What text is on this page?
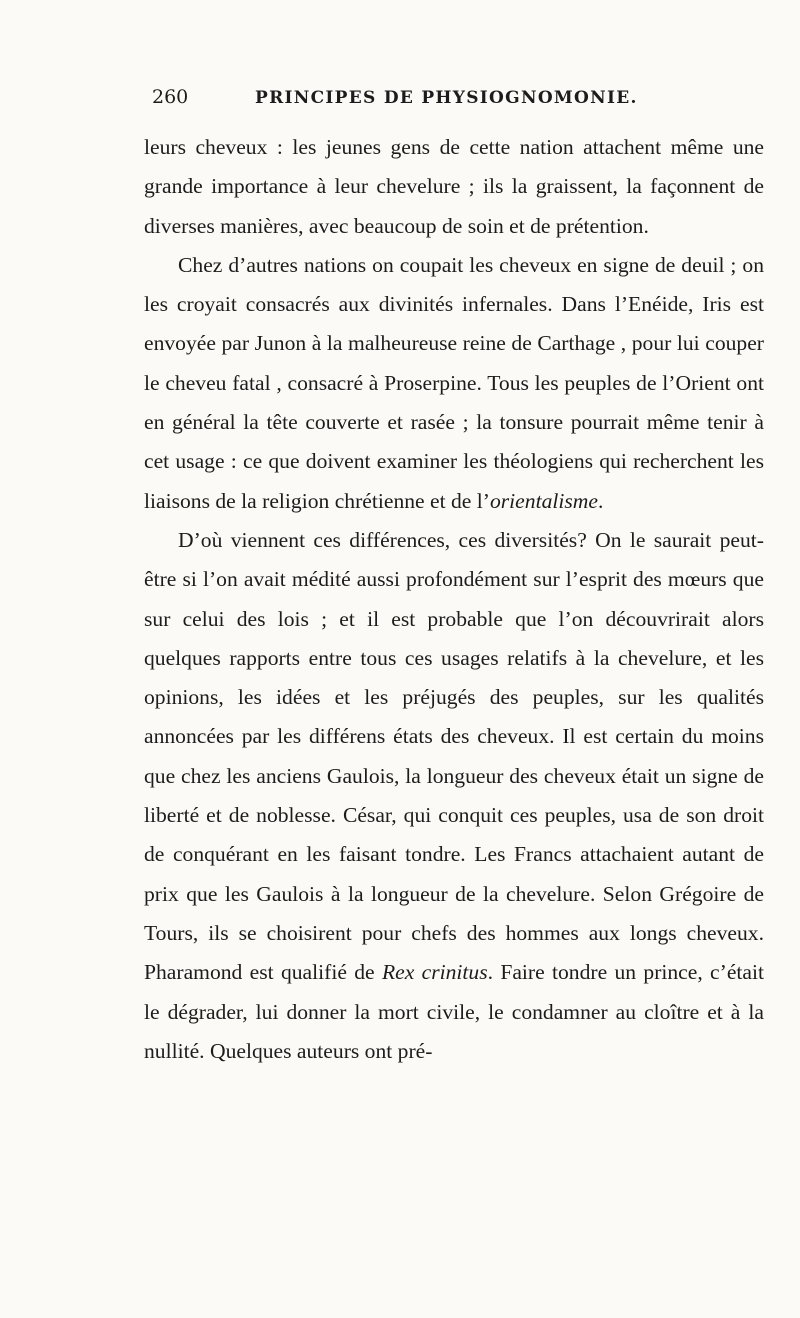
260	PRINCIPES DE PHYSIOGNOMONIE.

leurs cheveux : les jeunes gens de cette nation attachent même une grande importance à leur chevelure ; ils la graissent, la façonnent de diverses manières, avec beaucoup de soin et de prétention.

Chez d’autres nations on coupait les cheveux en signe de deuil ; on les croyait consacrés aux divinités infernales. Dans l’Enéide, Iris est envoyée par Junon à la malheureuse reine de Carthage , pour lui couper le cheveu fatal , consacré à Proserpine. Tous les peuples de l’Orient ont en général la tête couverte et rasée ; la tonsure pourrait même tenir à cet usage : ce que doivent examiner les théologiens qui recherchent les liaisons de la religion chrétienne et de l’orientalisme.

D’où viennent ces différences, ces diversités? On le saurait peut-être si l’on avait médité aussi profondément sur l’esprit des mœurs que sur celui des lois ; et il est probable que l’on découvrirait alors quelques rapports entre tous ces usages relatifs à la chevelure, et les opinions, les idées et les préjugés des peuples, sur les qualités annoncées par les différens états des cheveux. Il est certain du moins que chez les anciens Gaulois, la longueur des cheveux était un signe de liberté et de noblesse. César, qui conquit ces peuples, usa de son droit de conquérant en les faisant tondre. Les Francs attachaient autant de prix que les Gaulois à la longueur de la chevelure. Selon Grégoire de Tours, ils se choisirent pour chefs des hommes aux longs cheveux. Pharamond est qualifié de Rex crinitus. Faire tondre un prince, c’était le dégrader, lui donner la mort civile, le condamner au cloître et à la nullité. Quelques auteurs ont pré-
